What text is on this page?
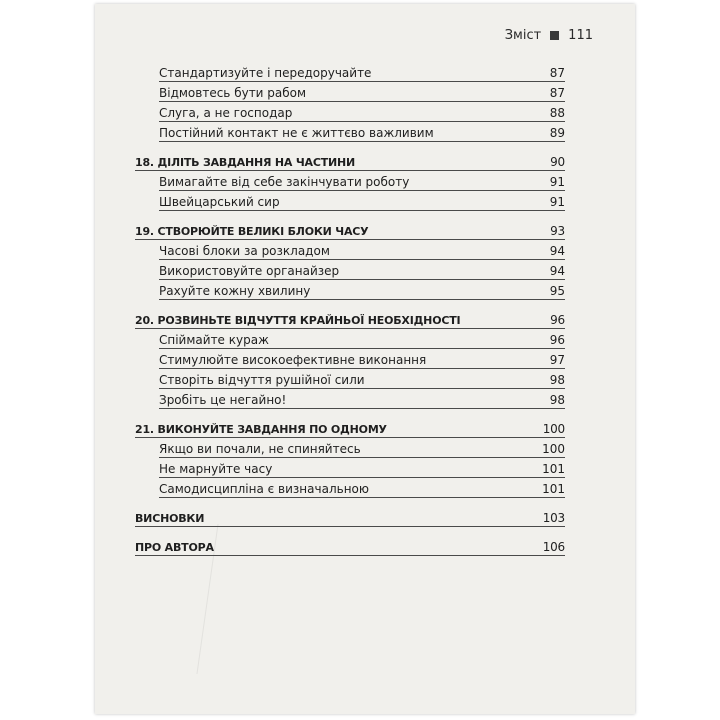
Зміст 111
Стандартизуйте і передоручайте	87
Відмовтесь бути рабом	87
Слуга, а не господар	88
Постійний контакт не є життєво важливим	89
18. ДІЛІТЬ ЗАВДАННЯ НА ЧАСТИНИ	90
Вимагайте від себе закінчувати роботу	91
Швейцарський сир	91
19. СТВОРЮЙТЕ ВЕЛИКІ БЛОКИ ЧАСУ	93
Часові блоки за розкладом	94
Використовуйте органайзер	94
Рахуйте кожну хвилину	95
20. РОЗВИНЬТЕ ВІДЧУТТЯ КРАЙНЬОЇ НЕОБХІДНОСТІ	96
Спіймайте кураж	96
Стимулюйте високоефективне виконання	97
Створіть відчуття рушійної сили	98
Зробіть це негайно!	98
21. ВИКОНУЙТЕ ЗАВДАННЯ ПО ОДНОМУ	100
Якщо ви почали, не спиняйтесь	100
Не марнуйте часу	101
Самодисципліна є визначальною	101
ВИСНОВКИ	103
ПРО АВТОРА	106
